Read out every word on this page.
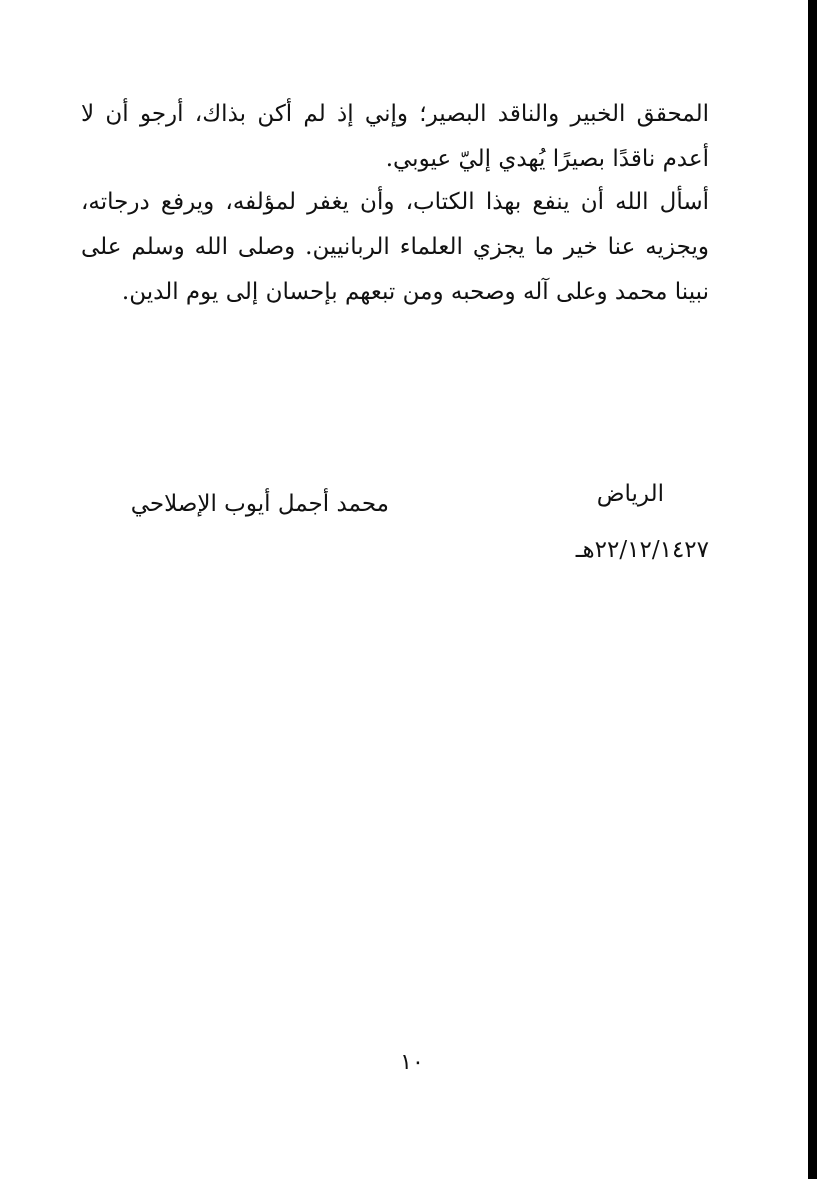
المحقق الخبير والناقد البصير؛ وإني إذ لم أكن بذاك، أرجو أن لا أعدم ناقدًا بصيرًا يُهدي إليّ عيوبي.

أسأل الله أن ينفع بهذا الكتاب، وأن يغفر لمؤلفه، ويرفع درجاته، ويجزيه عنا خير ما يجزي العلماء الربانيين. وصلى الله وسلم على نبينا محمد وعلى آله وصحبه ومن تبعهم بإحسان إلى يوم الدين.

الرياض
محمد أجمل أيوب الإصلاحي
٢٢/١٢/١٤٢٧هـ
١٠
